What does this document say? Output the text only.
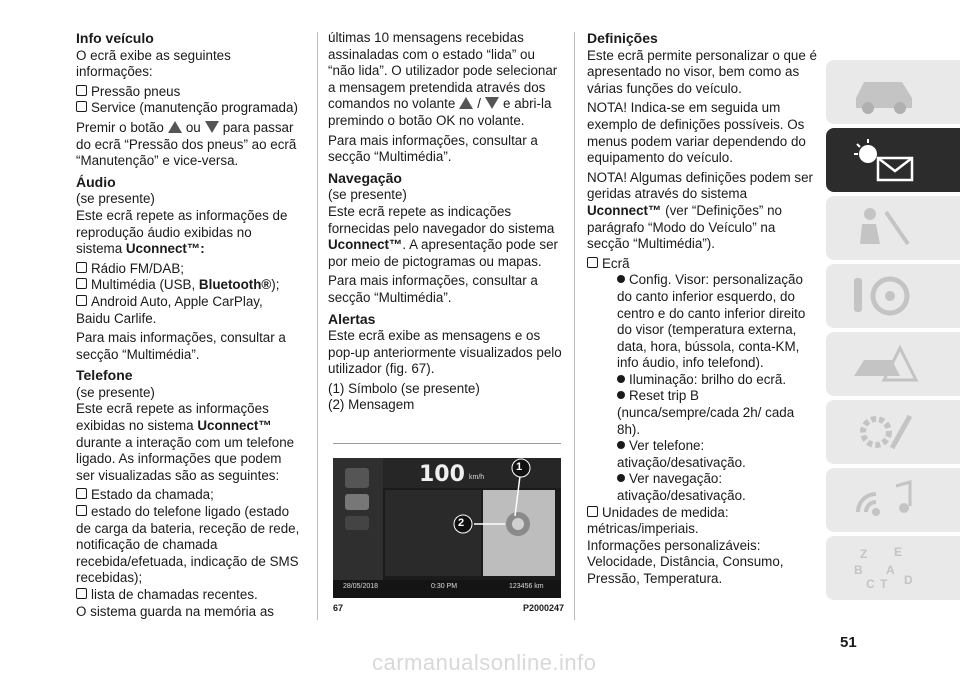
Info veículo

O ecrã exibe as seguintes informações:

Pressão pneus
Service (manutenção programada)

Premir o botão ou para passar do ecrã “Pressão dos pneus” ao ecrã “Manutenção” e vice-versa.

Áudio
(se presente)

Este ecrã repete as informações de reprodução áudio exibidas no sistema Uconnect™:

Rádio FM/DAB;
Multimédia (USB, Bluetooth®);
Android Auto, Apple CarPlay, Baidu Carlife.

Para mais informações, consultar a secção “Multimédia”.

Telefone
(se presente)

Este ecrã repete as informações exibidas no sistema Uconnect™ durante a interação com um telefone ligado. As informações que podem ser visualizadas são as seguintes:

Estado da chamada;
estado do telefone ligado (estado de carga da bateria, receção de rede, notificação de chamada recebida/efetuada, indicação de SMS recebidas);
lista de chamadas recentes.

O sistema guarda na memória as

últimas 10 mensagens recebidas assinaladas com o estado “lida” ou “não lida”. O utilizador pode selecionar a mensagem pretendida através dos comandos no volante / e abri-la premindo o botão OK no volante.

Para mais informações, consultar a secção “Multimédia”.

Navegação
(se presente)

Este ecrã repete as indicações fornecidas pelo navegador do sistema Uconnect™. A apresentação pode ser por meio de pictogramas ou mapas.

Para mais informações, consultar a secção “Multimédia”.

Alertas

Este ecrã exibe as mensagens e os pop-up anteriormente visualizados pelo utilizador (fig. 67).

(1) Símbolo (se presente)
(2) Mensagem
100 km/h
28/05/2018	0:30 PM	123456 km
1
2
67	P2000247
Definições

Este ecrã permite personalizar o que é apresentado no visor, bem como as várias funções do veículo.

NOTA! Indica-se em seguida um exemplo de definições possíveis. Os menus podem variar dependendo do equipamento do veículo.

NOTA! Algumas definições podem ser geridas através do sistema Uconnect™ (ver “Definições” no parágrafo “Modo do Veículo” na secção “Multimédia”).

Ecrã
Config. Visor: personalização do canto inferior esquerdo, do centro e do canto inferior direito do visor (temperatura externa, data, hora, bússola, conta-KM, info áudio, info telefond).
Iluminação: brilho do ecrã.
Reset trip B (nunca/sempre/cada 2h/ cada 8h).
Ver telefone: ativação/desativação.
Ver navegação: ativação/desativação.
Unidades de medida: métricas/imperiais.
Informações personalizáveis: Velocidade, Distância, Consumo, Pressão, Temperatura.
Z E
B A
C T D
51
carmanualsonline.info
